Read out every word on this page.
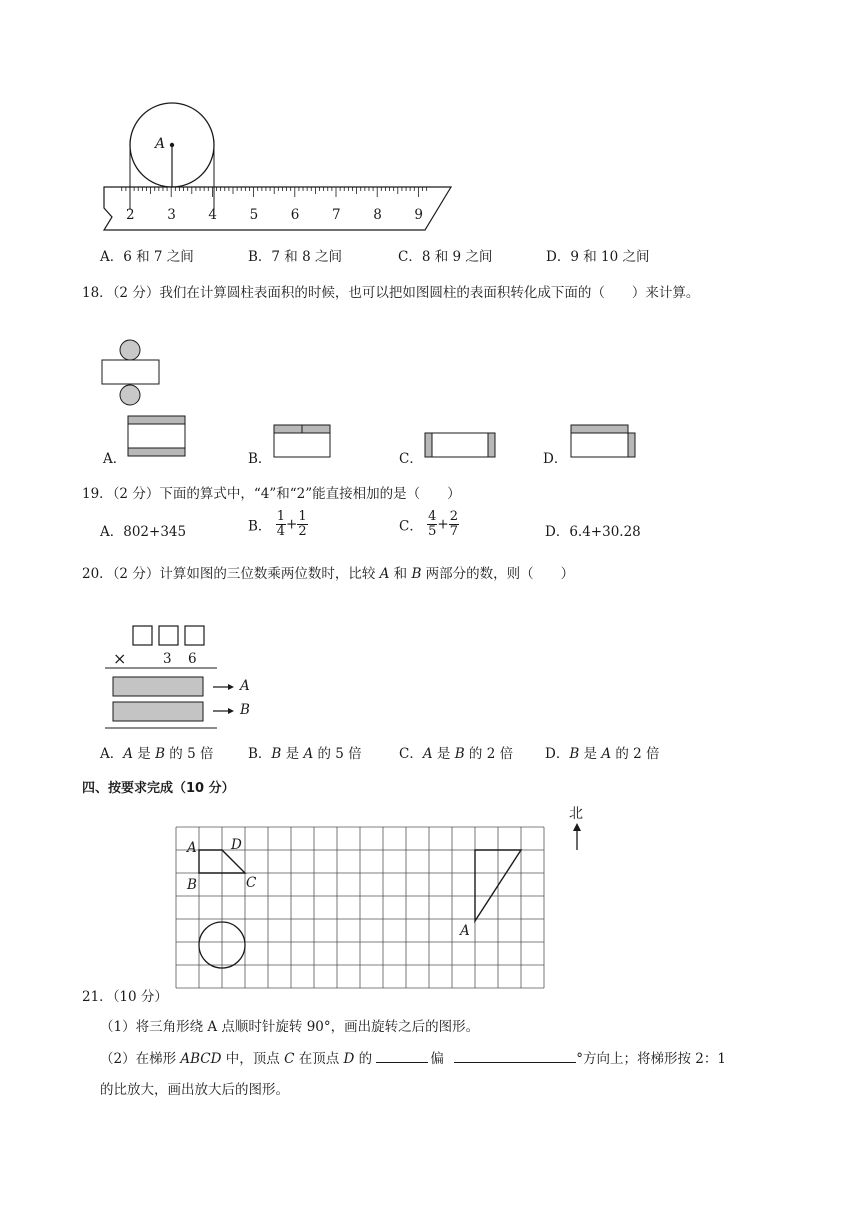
A
2 3 4 5 6 7 8 9
A．6 和 7 之间	B．7 和 8 之间	C．8 和 9 之间	D．9 和 10 之间
18．（2 分）我们在计算圆柱表面积的时候，也可以把如图圆柱的表面积转化成下面的（　　）来计算。
A．	B．	C．	D．
19．（2 分）下面的算式中，“4”和“2”能直接相加的是（　　）
A．802+345	B． $\frac{1}{4} + \frac{1}{2}$	C． $\frac{4}{5} + \frac{2}{7}$	D．6.4+30.28
20．（2 分）计算如图的三位数乘两位数时，比较 A 和 B 两部分的数，则（　　）
×	3 6
A
B
A．A 是 B 的 5 倍	B．B 是 A 的 5 倍	C．A 是 B 的 2 倍 D．B 是 A 的 2 倍
四、按要求完成（10 分）
北
A	D
B	C
A
21．（10 分）
（1）将三角形绕 A 点顺时针旋转 90°，画出旋转之后的图形。
（2）在梯形 ABCD 中，顶点 C 在顶点 D 的	偏	°方向上；将梯形按 2：1
的比放大，画出放大后的图形。
